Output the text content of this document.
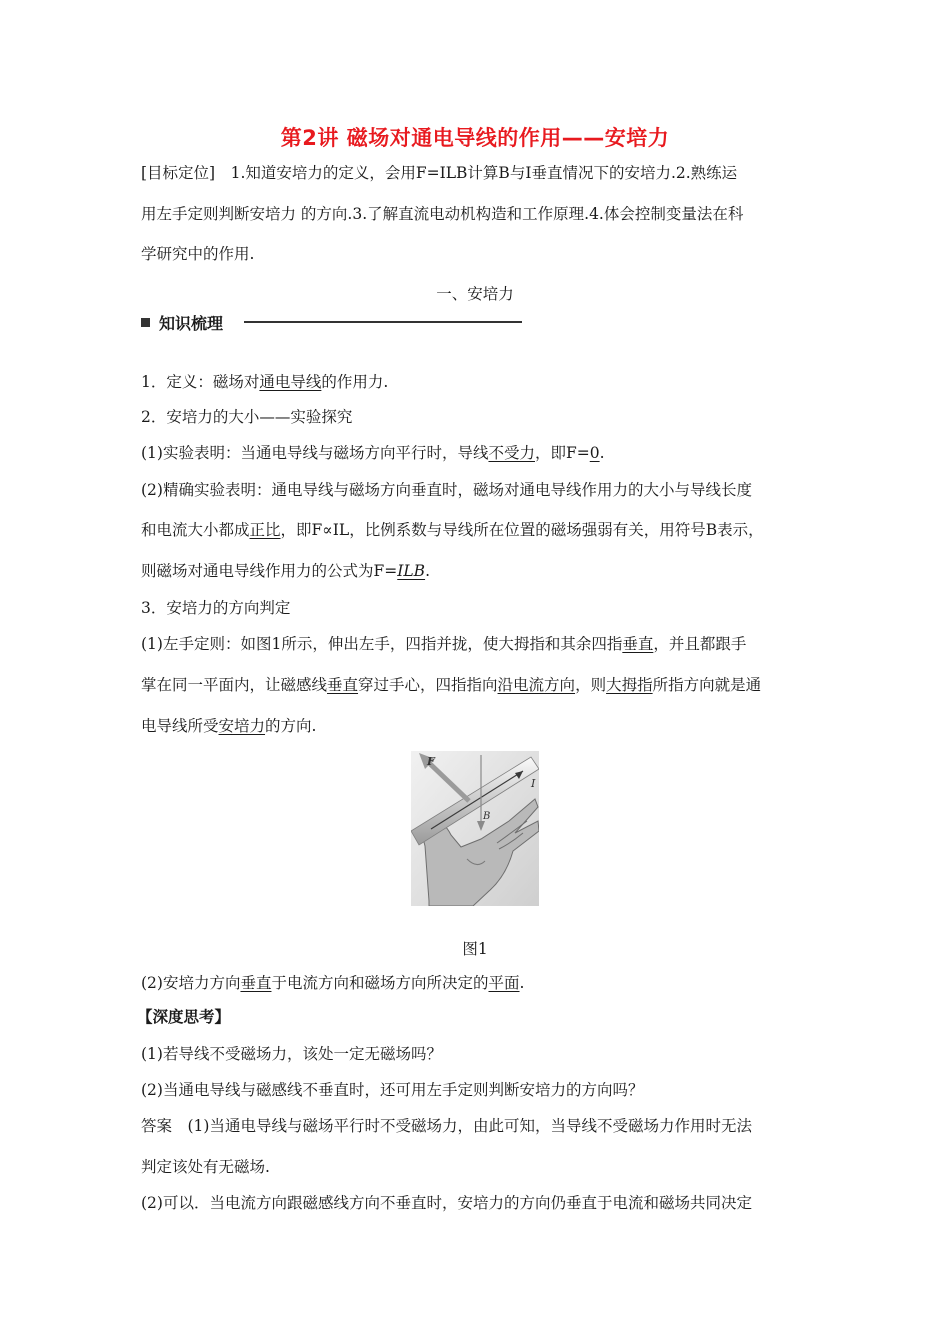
第2讲 磁场对通电导线的作用——安培力
[目标定位]　1.知道安培力的定义，会用F=ILB计算B与I垂直情况下的安培力.2.熟练运
用左手定则判断安培力 的方向.3.了解直流电动机构造和工作原理.4.体会控制变量法在科
学研究中的作用.
一、安培力
知识梳理
1．定义：磁场对通电导线的作用力.
2．安培力的大小——实验探究
(1)实验表明：当通电导线与磁场方向平行时，导线不受力，即F=0.
(2)精确实验表明：通电导线与磁场方向垂直时，磁场对通电导线作用力的大小与导线长度
和电流大小都成正比，即F∝IL，比例系数与导线所在位置的磁场强弱有关，用符号B表示，
则磁场对通电导线作用力的公式为F=ILB.
3．安培力的方向判定
(1)左手定则：如图1所示，伸出左手，四指并拢，使大拇指和其余四指垂直，并且都跟手
掌在同一平面内，让磁感线垂直穿过手心，四指指向沿电流方向，则大拇指所指方向就是通
电导线所受安培力的方向.
F
I
B
图1
(2)安培力方向垂直于电流方向和磁场方向所决定的平面.
【深度思考】
(1)若导线不受磁场力，该处一定无磁场吗？
(2)当通电导线与磁感线不垂直时，还可用左手定则判断安培力的方向吗？
答案　(1)当通电导线与磁场平行时不受磁场力，由此可知，当导线不受磁场力作用时无法
判定该处有无磁场.
(2)可以．当电流方向跟磁感线方向不垂直时，安培力的方向仍垂直于电流和磁场共同决定
